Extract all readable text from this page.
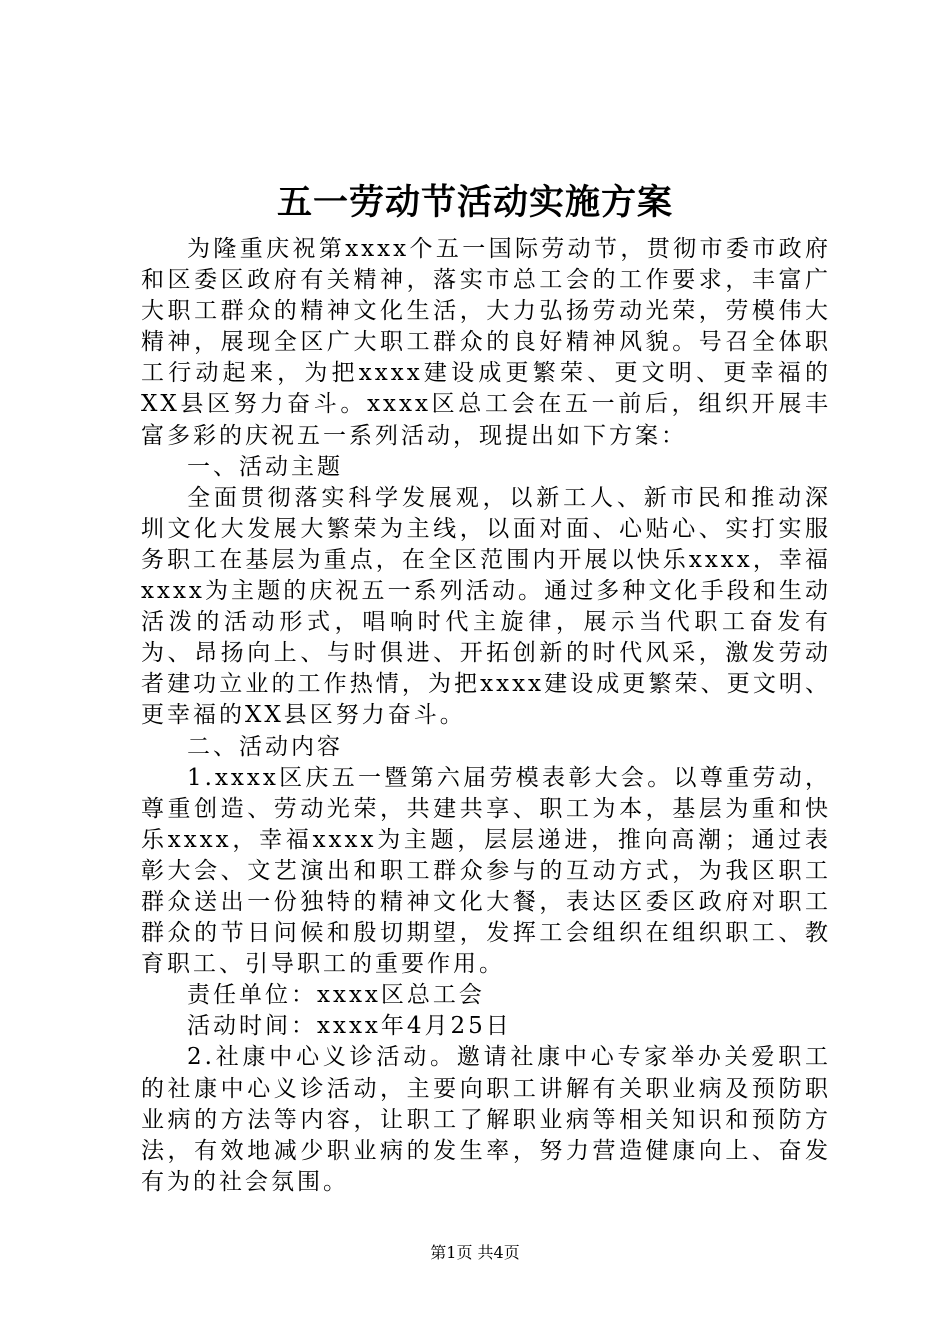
五一劳动节活动实施方案

为隆重庆祝第xxxx个五一国际劳动节，贯彻市委市政府和区委区政府有关精神，落实市总工会的工作要求，丰富广大职工群众的精神文化生活，大力弘扬劳动光荣，劳模伟大精神，展现全区广大职工群众的良好精神风貌。号召全体职工行动起来，为把xxxx建设成更繁荣、更文明、更幸福的XX县区努力奋斗。xxxx区总工会在五一前后，组织开展丰富多彩的庆祝五一系列活动，现提出如下方案：

一、活动主题

全面贯彻落实科学发展观，以新工人、新市民和推动深圳文化大发展大繁荣为主线，以面对面、心贴心、实打实服务职工在基层为重点，在全区范围内开展以快乐xxxx，幸福xxxx为主题的庆祝五一系列活动。通过多种文化手段和生动活泼的活动形式，唱响时代主旋律，展示当代职工奋发有为、昂扬向上、与时俱进、开拓创新的时代风采，激发劳动者建功立业的工作热情，为把xxxx建设成更繁荣、更文明、更幸福的XX县区努力奋斗。

二、活动内容

1.xxxx区庆五一暨第六届劳模表彰大会。以尊重劳动，尊重创造、劳动光荣，共建共享、职工为本，基层为重和快乐xxxx，幸福xxxx为主题，层层递进，推向高潮；通过表彰大会、文艺演出和职工群众参与的互动方式，为我区职工群众送出一份独特的精神文化大餐，表达区委区政府对职工群众的节日问候和殷切期望，发挥工会组织在组织职工、教育职工、引导职工的重要作用。

责任单位：xxxx区总工会

活动时间：xxxx年4月25日

2.社康中心义诊活动。邀请社康中心专家举办关爱职工的社康中心义诊活动，主要向职工讲解有关职业病及预防职业病的方法等内容，让职工了解职业病等相关知识和预防方法，有效地减少职业病的发生率，努力营造健康向上、奋发有为的社会氛围。

第1页 共4页
